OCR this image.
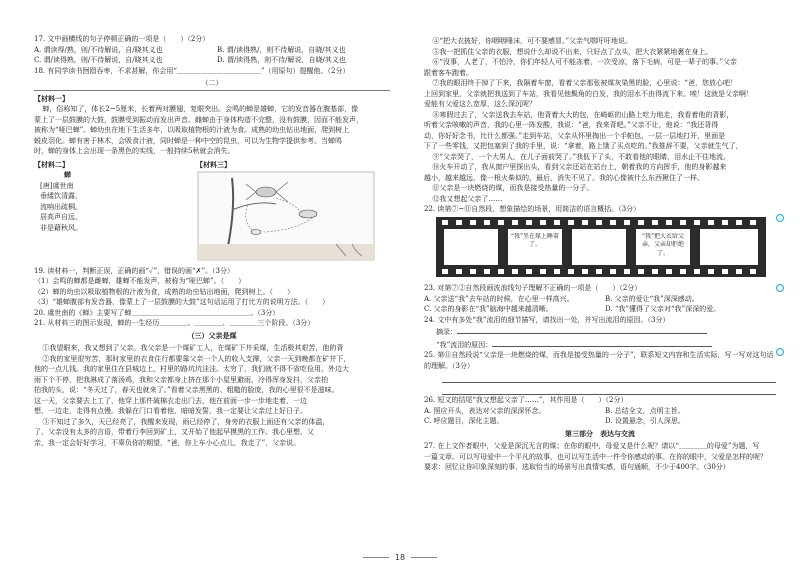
17. 文中画横线的句子停顿正确的一项是（　　）（2分）

A. 谓读得/熟，则/不待解说，自/晓其义也	B. 谓/读得熟/，则不待解说，自晓/其义也
C. 谓/读得熟，则/不待解说，自/晓其义也	D. 谓/读得熟，则不待/解说，自晓/其义也

18. 有同学读书囫囵吞枣，不求甚解，你会用“＿＿＿＿＿＿＿＿＿＿＿＿”（用原句）提醒他。（2分）

（二）

【材料一】

蝉，俗称知了，体长2~5厘米，长着两对膜翅，复眼突出。会鸣的蝉是雄蝉，它的发音器在腹基部，像

蒙上了一层鼓膜的大鼓，鼓膜受到振动而发出声音。雌蝉由于身体构造不完整，没有鼓膜，因而不能发声，

被称为“哑巴蝉”。蝉幼虫在地下生活多年，以吸取植物根的汁液为食。成熟的幼虫钻出地面，爬到树上

蜕皮羽化。蝉有害于林木，会吸食汁液，同时蝉是一种中空的昆虫，可以为生物学提供参考。当蝉鸣

时，蝉的身体上会出现一条黑色的实线，一般持续5秋就会消失。

【材料二】

蝉

[唐]虞世南

垂緌饮清露，

流响出疏桐。

居高声自远，

非是藉秋风。

【材料三】

19. 读材料一，判断正误，正确的画“✓”，错误的画“✗”。（3分）

（1）会鸣的蝉都是雌蝉，雄蝉不能发声，被称为“哑巴蝉”。（　　）

（2）蝉的幼虫以吸取植物根的汁液为食，成熟的幼虫钻出地面，爬到树上。（　　）

（3）“雄蝉腹部有发音器，像蒙上了一层鼓膜的大鼓”这句话运用了打比方的说明方法。（　　）

20. 虞世南的《蝉》主要写了蝉＿＿＿＿＿＿＿＿＿＿＿＿＿＿＿＿＿。（3分）

21. 从材料三的图示发现，蝉的一生经历＿＿＿＿、＿＿＿＿、＿＿＿＿三个阶段。（3分）

（三）父亲是煤

①我望眼来，我又想到了父亲。我父亲是一个煤矿工人，在煤矿下井采煤，生活极其艰苦，他的背

②我的家里很穷苦，那时家里的衣食住行都要靠父亲一个人的收入支撑，父亲一天到晚都在矿井下，

他的一点儿钱。我的家里住在县城边上，村里的路坑坑洼洼。太穷了，我们就不得不省吃俭用。外边大

雨下个不停，把我淋成了落汤鸡，我和父亲都身上挤在那个小屋里避雨，冷得浑身发抖，父亲拍

拍我的头，说：“冬天过了，春天也就来了。”看着父亲黑黑的、粗糙的脸庞，我的心里很不是滋味。

这一天，父亲要去上工了，他穿上那件破棉衣走出门去，他在前面一步一步地走着，一边

想，一边走，走得有点慢。我躲在门口看着他，暗暗发誓，我一定要让父亲过上好日子。

③不知过了多久，天已经亮了，我醒来发现，雨已经停了，身旁的衣服上面还有父亲的体温，

了，父亲没有太多的言语，带着行李回到矿上，又开始了他起早摸黑的工作。我心里想，父

亲，我一定会好好学习，不辜负你的期望，“爸，你上车小心点儿，我走了”，父亲说。

④“把大衣披好，你咽咽唾沫，可不要感冒。”父亲气喘吁吁地说。

⑤我一把抓住父亲的衣服，想说什么却说不出来，只好点了点头，把大衣紧紧地裹在身上。

⑥“没事，人老了，不怕冷，你们年轻人可不能冻着，一次受凉，落下毛病，可是一辈子的事。”父亲

跟着客车跑着。

⑦我的眼泪终于掉了下来，我隔着车窗，看着父亲那张被煤灰染黑的脸，心里说：“爸，您放心吧！

上回到家里，父亲就把我送到了车站，我看见他鬓角的白发，我的泪水不由得流下来。唉！这就是父亲啊！

爱能有父爱这么宽厚，这么深沉呢？

⑧寒假过去了，父亲送我去车站，他背着大大的包，在崎岖的山路上吃力地走，我看着他的背影，

听着父亲咳嗽的声音，我的心里一阵发酸，我说：“爸，我来背吧。”父亲不让，他说：“我还背得

动，你好好念书，比什么都强。”走到车站，父亲从怀里掏出一个手帕包，一层一层地打开，里面是

下了一些零钱，又把包塞到了我的手里，说：“拿着，路上饿了买点吃的。”我推辞不要，父亲就生气了，

⑨“父亲哭了，一个大男人，在儿子面前哭了。”我低下了头，不敢看他的眼睛，泪水止不住地流。

⑩火车开动了，我从窗户里探出头，看到父亲还站在站台上，朝着我的方向挥手，他的身影越来

越小，越来越远，像一根火柴似的，最后，消失不见了。我的心像被什么东西揪住了一样。

⑪父亲是一块燃烧的煤，而我是接受热量的一分子。

⑫我又想起父亲了……

22. 读第⑦~⑪自然段，想象描绘的场景，用简洁的语言概括。（3分）

“我”坐在煤上睡着了。
“我”把大衣给父亲，父亲却拒绝了。

23. 对第⑦②自然段画波浪线句子理解不正确的一项是（　　）（2分）

A. 父亲送“我”去车站的时候，在心里一样高兴。	B. 父亲的爱让“我”深深感动。
C. 父亲的身影在“我”脑海中越来越清晰。	D. “我”懂得了父亲对“我”深深的爱。

24. 文中有多处“我”流泪的细节描写，请找出一处，并写出流泪的原因。（3分）

摘录：

“我”流泪的原因：

25. 第⑪自然段说“父亲是一块燃烧的煤，而我是接受热量的一分子”，联系短文内容和生活实际，写一写对这句话的理解。（3分）

26. 短文的结尾“我又想起父亲了……”，其作用是（　　）（2分）

A. 照应开头，表达对父亲的深深怀念。	B. 总结全文，点明主旨。
C. 呼应题目，深化主题。	D. 设置悬念，引人深思。

第三部分　表达与交流

27. 在上文作者眼中，父爱是深沉无言的煤；在你的眼中，母爱又是什么呢？请以“＿＿＿＿的母爱”为题，写

一篇文章。可以写母爱中一个平凡的故事，也可以写生活中一件令你感动的事。在你的眼中，父爱是怎样的呢？

要求：回忆让你印象深刻的事，选取恰当的场景写出真情实感，语句通顺，不少于400字。（30分）

18
